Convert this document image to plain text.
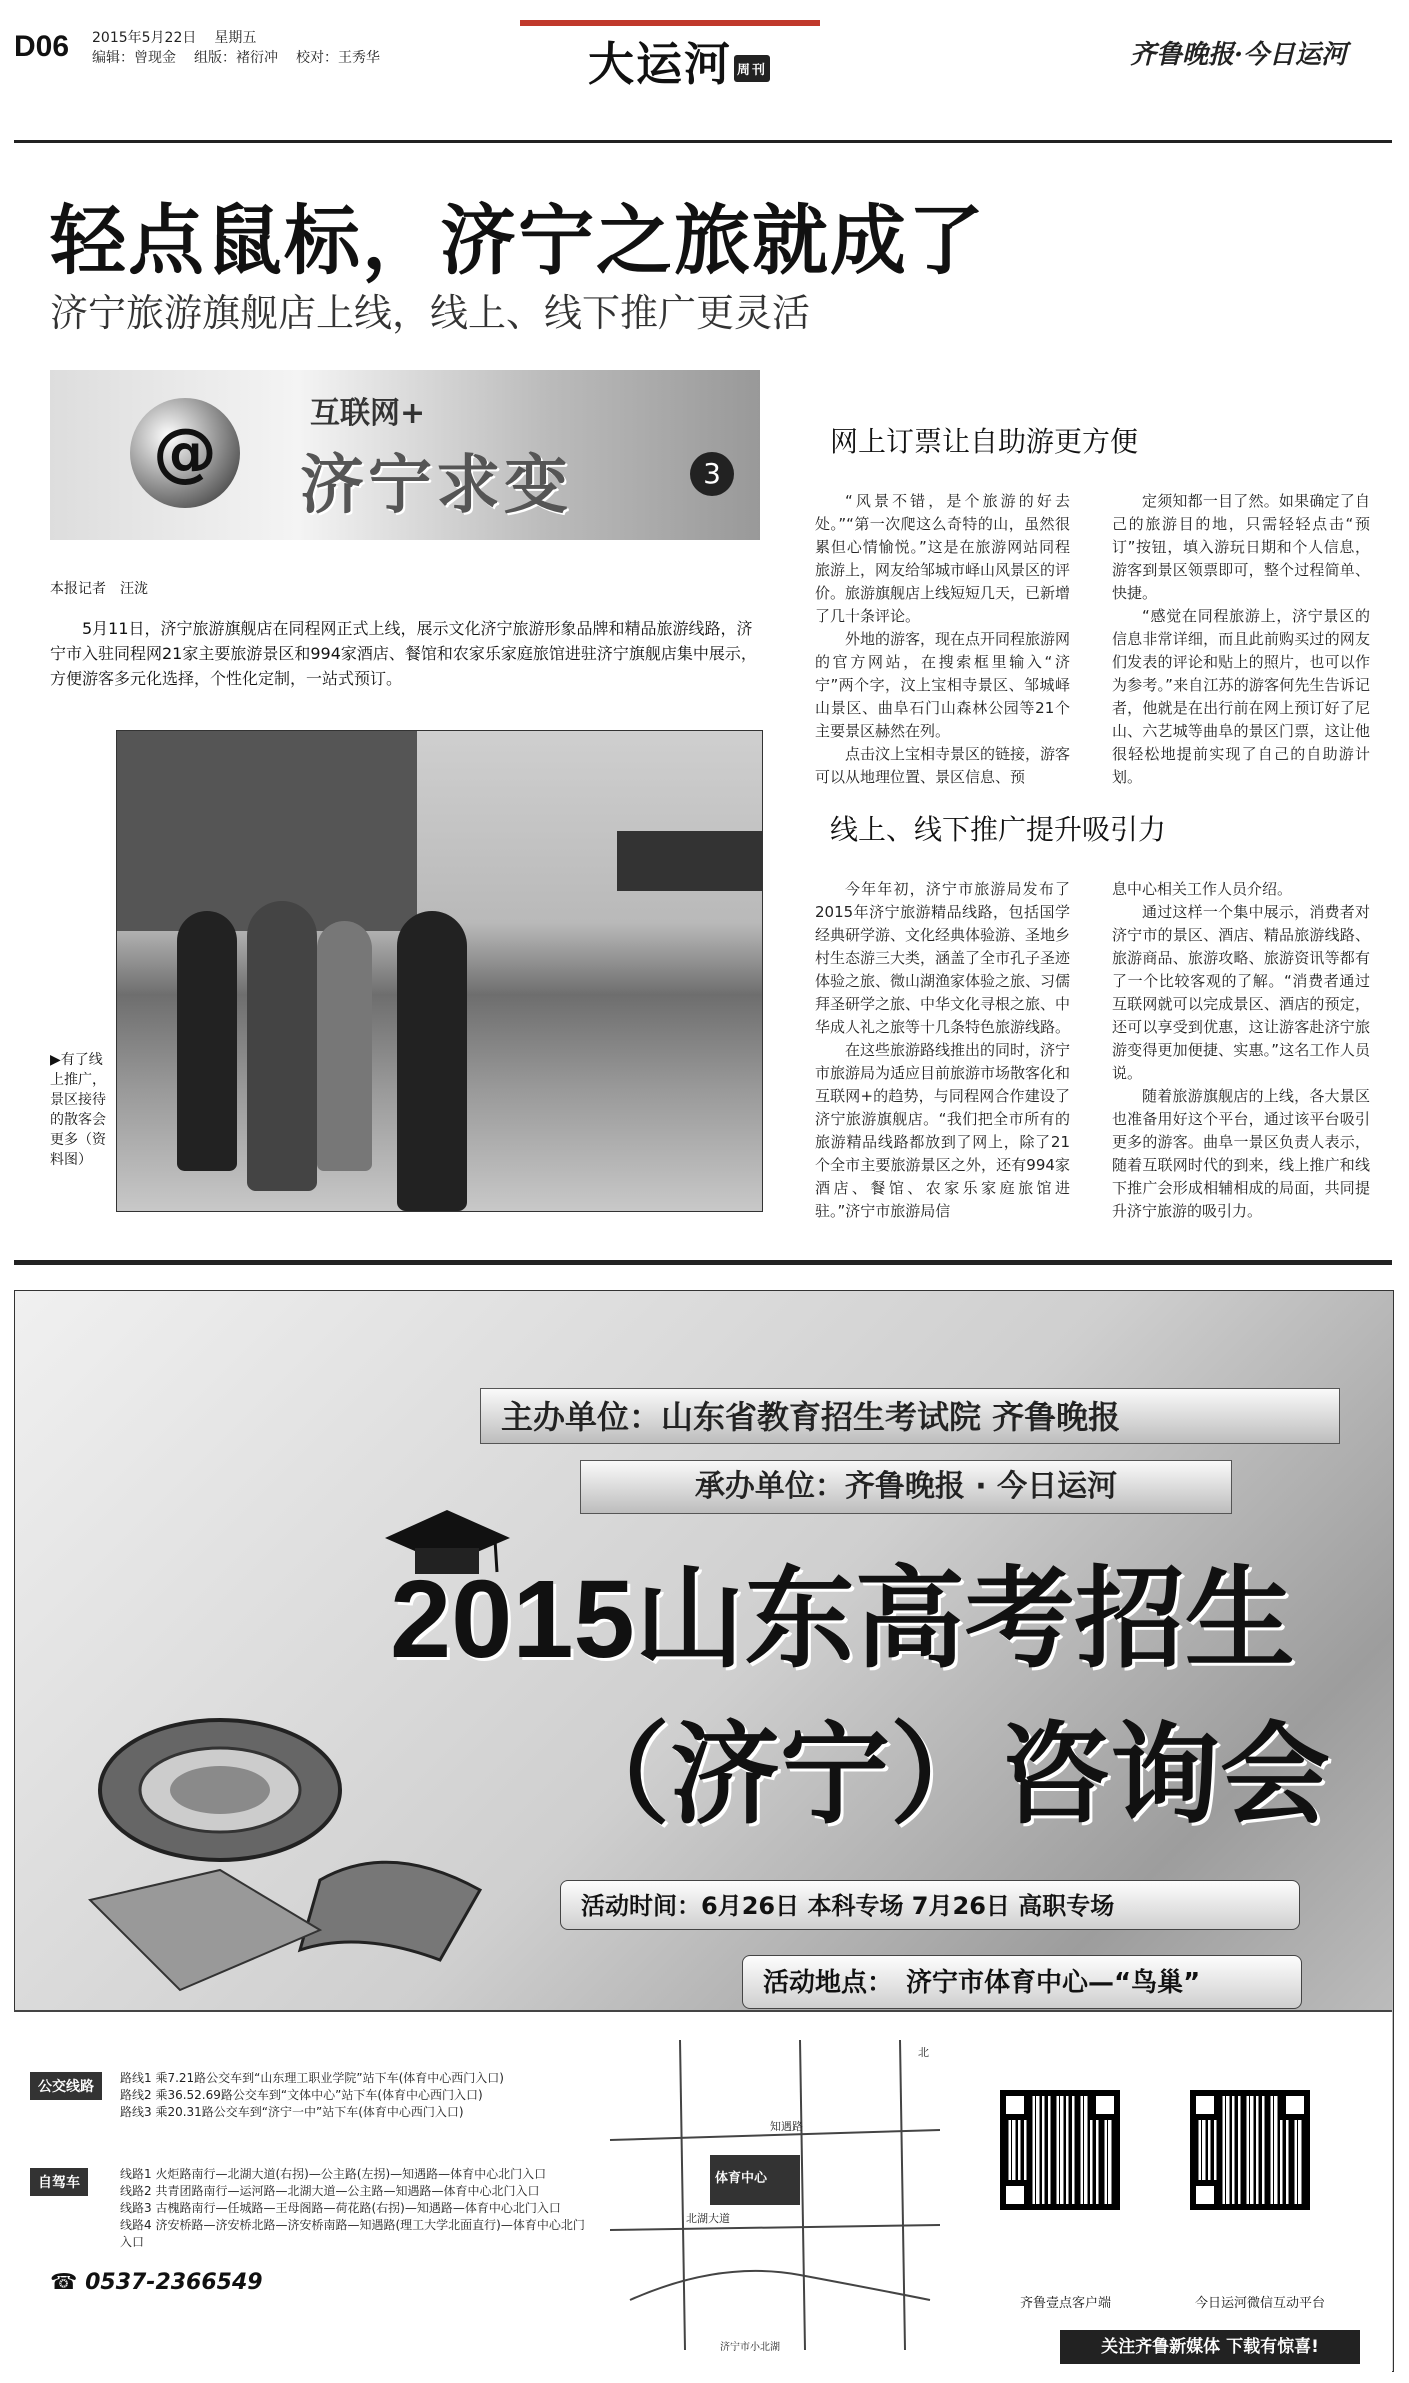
D06 2015年5月22日 星期五
编辑：曾现金 组版：褚衍冲 校对：王秀华	大运河 周刊	齐鲁晚报·今日运河
轻点鼠标，济宁之旅就成了
济宁旅游旗舰店上线，线上、线下推广更灵活
@
互联网+
济宁求变	3
本报记者　汪泷
5月11日，济宁旅游旗舰店在同程网正式上线，展示文化济宁旅游形象品牌和精品旅游线路，济宁市入驻同程网21家主要旅游景区和994家酒店、餐馆和农家乐家庭旅馆进驻济宁旗舰店集中展示，方便游客多元化选择，个性化定制，一站式预订。
▶有了线上推广，景区接待的散客会更多（资料图）
网上订票让自助游更方便

“风景不错，是个旅游的好去处。”“第一次爬这么奇特的山，虽然很累但心情愉悦。”这是在旅游网站同程旅游上，网友给邹城市峄山风景区的评价。旅游旗舰店上线短短几天，已新增了几十条评论。

外地的游客，现在点开同程旅游网的官方网站，在搜索框里输入“济宁”两个字，汶上宝相寺景区、邹城峄山景区、曲阜石门山森林公园等21个主要景区赫然在列。

点击汶上宝相寺景区的链接，游客可以从地理位置、景区信息、预

定须知都一目了然。如果确定了自己的旅游目的地，只需轻轻点击“预订”按钮，填入游玩日期和个人信息，游客到景区领票即可，整个过程简单、快捷。

“感觉在同程旅游上，济宁景区的信息非常详细，而且此前购买过的网友们发表的评论和贴上的照片，也可以作为参考。”来自江苏的游客何先生告诉记者，他就是在出行前在网上预订好了尼山、六艺城等曲阜的景区门票，这让他很轻松地提前实现了自己的自助游计划。

线上、线下推广提升吸引力

今年年初，济宁市旅游局发布了2015年济宁旅游精品线路，包括国学经典研学游、文化经典体验游、圣地乡村生态游三大类，涵盖了全市孔子圣迹体验之旅、微山湖渔家体验之旅、习儒拜圣研学之旅、中华文化寻根之旅、中华成人礼之旅等十几条特色旅游线路。

在这些旅游路线推出的同时，济宁市旅游局为适应目前旅游市场散客化和互联网+的趋势，与同程网合作建设了济宁旅游旗舰店。“我们把全市所有的旅游精品线路都放到了网上，除了21个全市主要旅游景区之外，还有994家酒店、餐馆、农家乐家庭旅馆进驻。”济宁市旅游局信

息中心相关工作人员介绍。

通过这样一个集中展示，消费者对济宁市的景区、酒店、精品旅游线路、旅游商品、旅游攻略、旅游资讯等都有了一个比较客观的了解。“消费者通过互联网就可以完成景区、酒店的预定，还可以享受到优惠，这让游客赴济宁旅游变得更加便捷、实惠。”这名工作人员说。

随着旅游旗舰店的上线，各大景区也准备用好这个平台，通过该平台吸引更多的游客。曲阜一景区负责人表示，随着互联网时代的到来，线上推广和线下推广会形成相辅相成的局面，共同提升济宁旅游的吸引力。

主办单位：山东省教育招生考试院 齐鲁晚报
承办单位：齐鲁晚报 · 今日运河
2015山东高考招生
（济宁）咨询会
活动时间：6月26日 本科专场 7月26日 高职专场
活动地点：　济宁市体育中心—“鸟巢”
公交线路
路线1 乘7.21路公交车到“山东理工职业学院”站下车(体育中心西门入口)
路线2 乘36.52.69路公交车到“文体中心”站下车(体育中心西门入口)
路线3 乘20.31路公交车到“济宁一中”站下车(体育中心西门入口)
自驾车
线路1 火炬路南行—北湖大道(右拐)—公主路(左拐)—知遇路—体育中心北门入口
线路2 共青团路南行—运河路—北湖大道—公主路—知遇路—体育中心北门入口
线路3 古槐路南行—任城路—王母阁路—荷花路(右拐)—知遇路—体育中心北门入口
线路4 济安桥路—济安桥北路—济安桥南路—知遇路(理工大学北面直行)—体育中心北门入口
☎ 0537-2366549
体育中心
北
北湖大道
知遇路
济宁市小北湖
齐鲁壹点客户端	今日运河微信互动平台
关注齐鲁新媒体 下载有惊喜!
